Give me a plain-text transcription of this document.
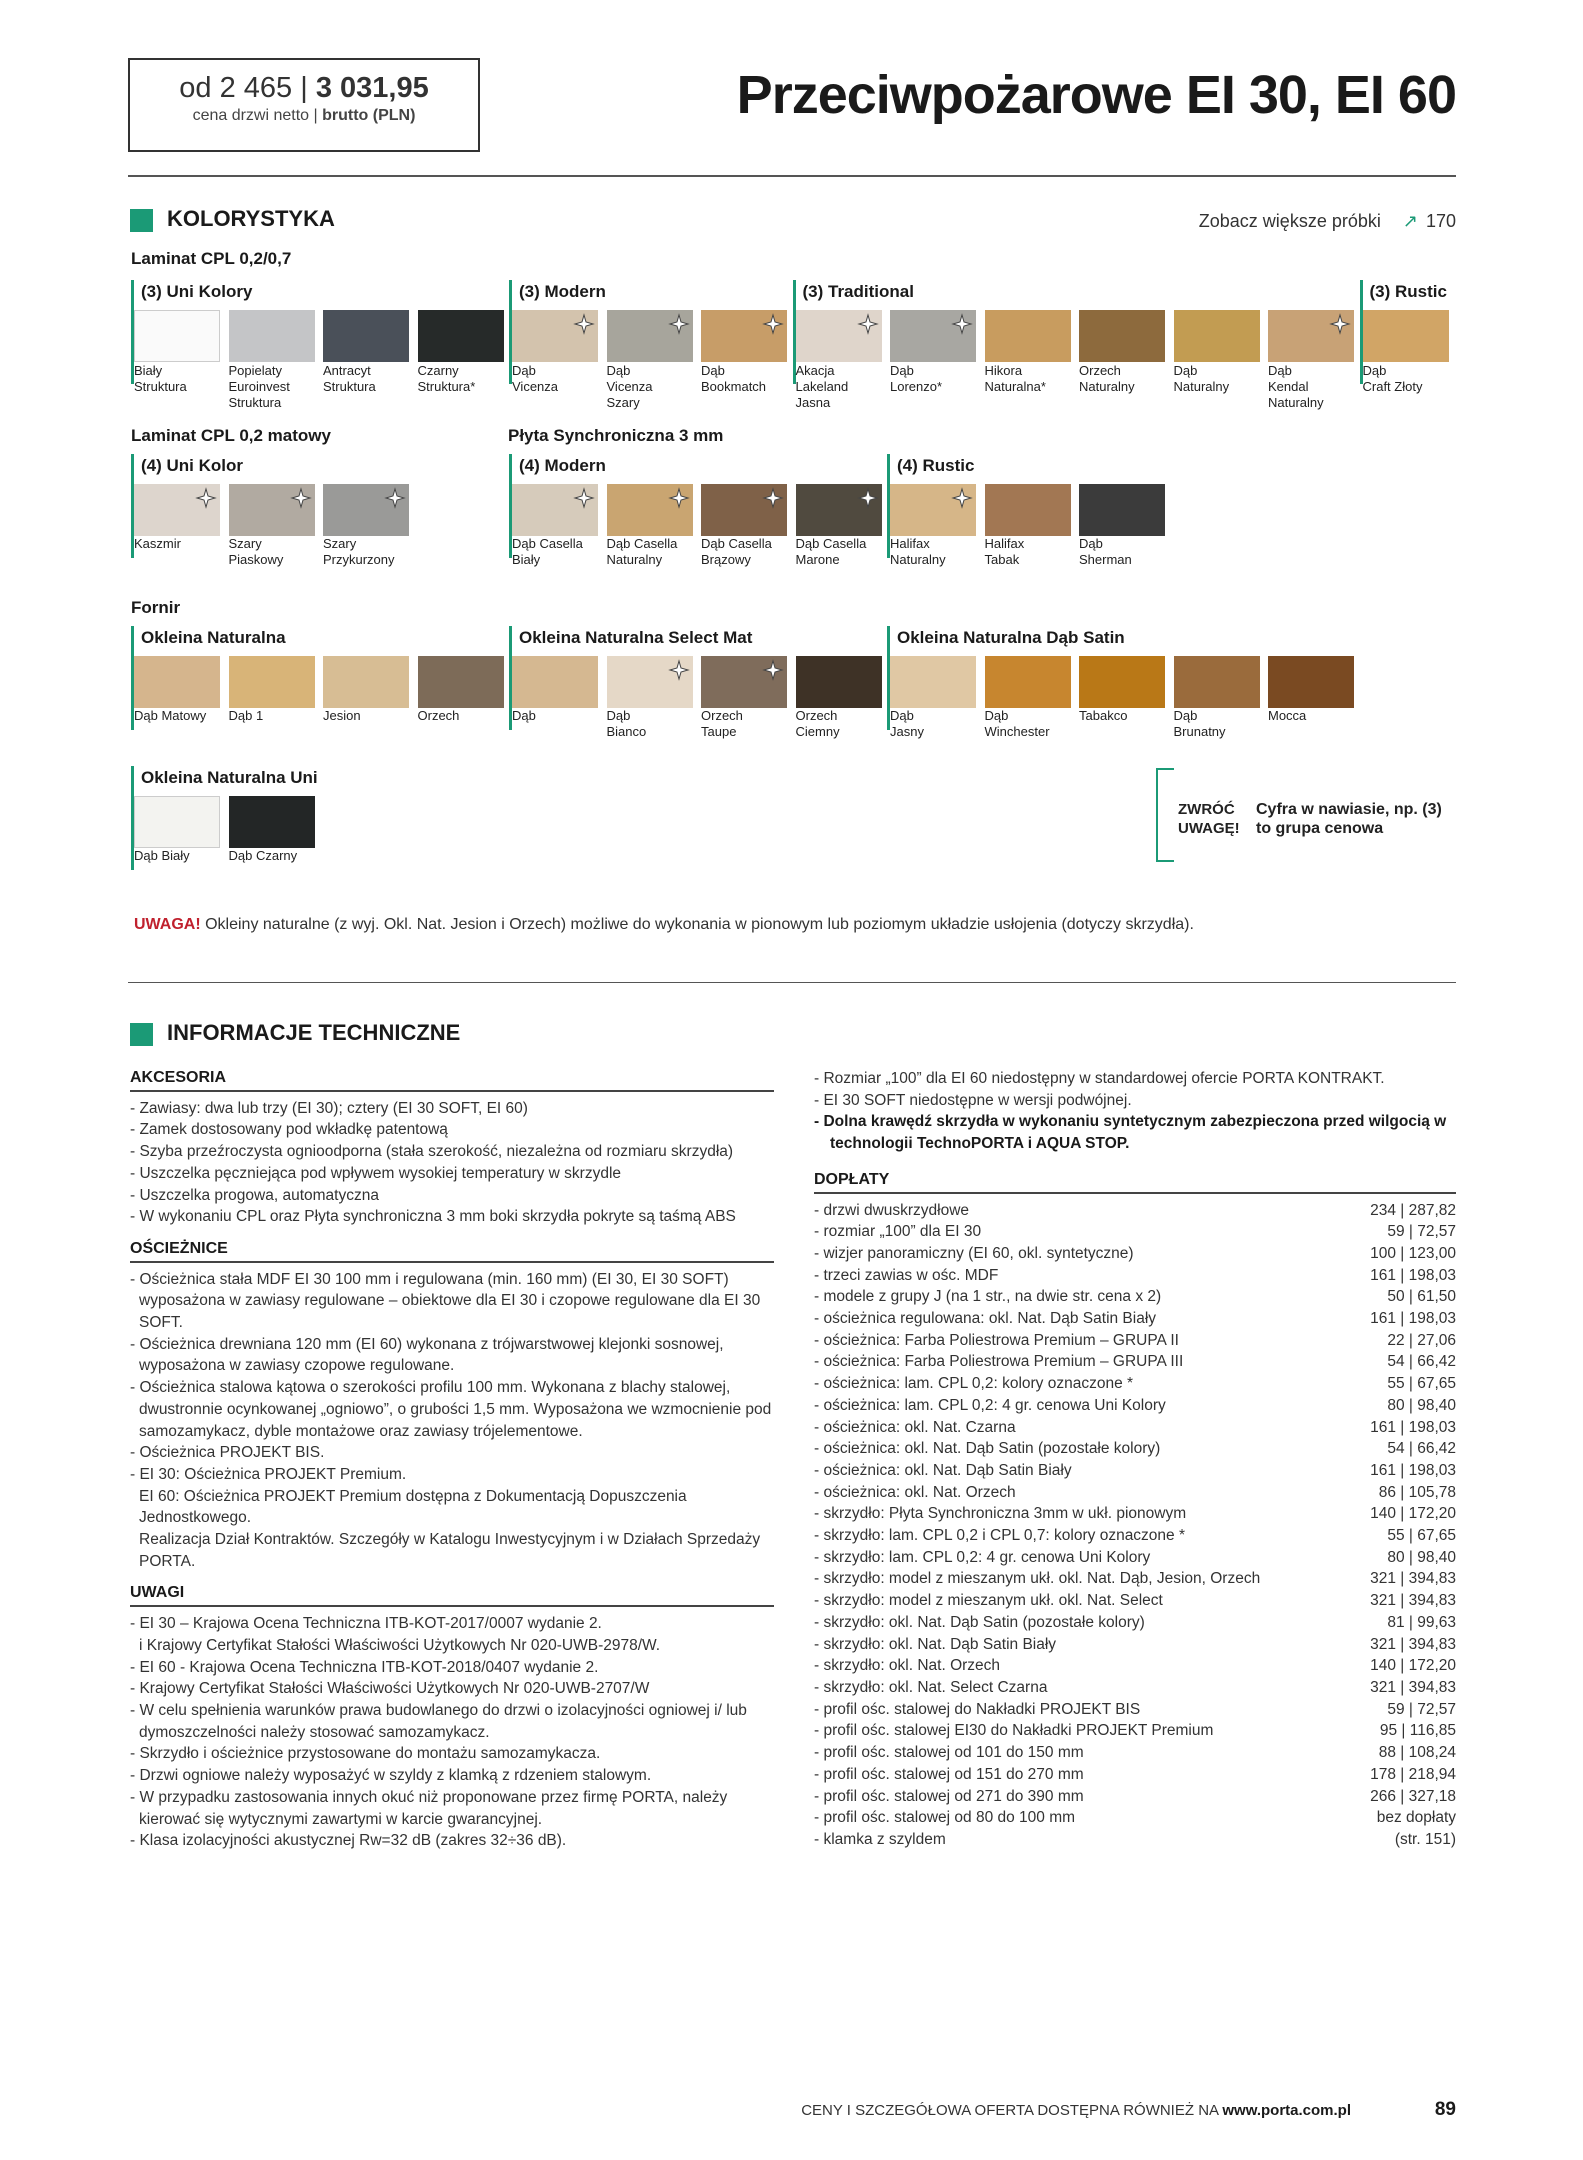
od 2 465 | 3 031,95
cena drzwi netto | brutto (PLN)	Przeciwpożarowe EI 30, EI 60
KOLORYSTYKA	Zobacz większe próbki ↗ 170
Laminat CPL 0,2/0,7
(3) Uni Kolory
Biały
Struktura
Popielaty
Euroinvest
Struktura
Antracyt
Struktura
Czarny
Struktura*
(3) Modern
Dąb
Vicenza
Dąb
Vicenza
Szary
Dąb
Bookmatch
(3) Traditional
Akacja
Lakeland
Jasna
Dąb
Lorenzo*
Hikora
Naturalna*
Orzech
Naturalny
Dąb
Naturalny
Dąb
Kendal
Naturalny
(3) Rustic
Dąb
Craft Złoty
Laminat CPL 0,2 matowy	Płyta Synchroniczna 3 mm
(4) Uni Kolor
Kaszmir	Szary
Piaskowy
Szary
Przykurzony
(4) Modern
Dąb Casella
Biały
Dąb Casella
Naturalny
Dąb Casella
Brązowy
Dąb Casella
Marone
(4) Rustic
Halifax
Naturalny
Halifax
Tabak
Dąb
Sherman
Fornir
Okleina Naturalna
Dąb Matowy	Dąb 1	Jesion	Orzech
Okleina Naturalna Select Mat
Dąb	Dąb
Bianco
Orzech
Taupe
Orzech
Ciemny
Okleina Naturalna Dąb Satin
Dąb
Jasny
Dąb
Winchester
Tabakco	Dąb
Brunatny
Mocca
Okleina Naturalna Uni
Dąb Biały	Dąb Czarny
ZWRÓĆ
UWAGĘ!
Cyfra w nawiasie, np. (3) to grupa cenowa
UWAGA! Okleiny naturalne (z wyj. Okl. Nat. Jesion i Orzech) możliwe do wykonania w pionowym lub poziomym układzie usłojenia (dotyczy skrzydła).
INFORMACJE TECHNICZNE
AKCESORIA
- Zawiasy: dwa lub trzy (EI 30); cztery (EI 30 SOFT, EI 60)
- Zamek dostosowany pod wkładkę patentową
- Szyba przeźroczysta ognioodporna (stała szerokość, niezależna od rozmiaru skrzydła)
- Uszczelka pęczniejąca pod wpływem wysokiej temperatury w skrzydle
- Uszczelka progowa, automatyczna
- W wykonaniu CPL oraz Płyta synchroniczna 3 mm boki skrzydła pokryte są taśmą ABS
OŚCIEŻNICE
- Ościeżnica stała MDF EI 30 100 mm i regulowana (min. 160 mm) (EI 30, EI 30 SOFT) wyposażona w zawiasy regulowane – obiektowe dla EI 30 i czopowe regulowane dla EI 30 SOFT.
- Ościeżnica drewniana 120 mm (EI 60) wykonana z trójwarstwowej klejonki sosnowej, wyposażona w zawiasy czopowe regulowane.
- Ościeżnica stalowa kątowa o szerokości profilu 100 mm. Wykonana z blachy stalowej, dwustronnie ocynkowanej „ogniowo”, o grubości 1,5 mm. Wyposażona we wzmocnienie pod samozamykacz, dyble montażowe oraz zawiasy trójelementowe.
- Ościeżnica PROJEKT BIS.
- EI 30: Ościeżnica PROJEKT Premium.
EI 60: Ościeżnica PROJEKT Premium dostępna z Dokumentacją Dopuszczenia Jednostkowego.
Realizacja Dział Kontraktów. Szczegóły w Katalogu Inwestycyjnym i w Działach Sprzedaży PORTA.
UWAGI
- EI 30 – Krajowa Ocena Techniczna ITB-KOT-2017/0007 wydanie 2.
i Krajowy Certyfikat Stałości Właściwości Użytkowych Nr 020-UWB-2978/W.
- EI 60 - Krajowa Ocena Techniczna ITB-KOT-2018/0407 wydanie 2.
- Krajowy Certyfikat Stałości Właściwości Użytkowych Nr 020-UWB-2707/W
- W celu spełnienia warunków prawa budowlanego do drzwi o izolacyjności ogniowej i/ lub dymoszczelności należy stosować samozamykacz.
- Skrzydło i ościeżnice przystosowane do montażu samozamykacza.
- Drzwi ogniowe należy wyposażyć w szyldy z klamką z rdzeniem stalowym.
- W przypadku zastosowania innych okuć niż proponowane przez firmę PORTA, należy kierować się wytycznymi zawartymi w karcie gwarancyjnej.
- Klasa izolacyjności akustycznej Rw=32 dB (zakres 32÷36 dB).
- Rozmiar „100” dla EI 60 niedostępny w standardowej ofercie PORTA KONTRAKT.
- EI 30 SOFT niedostępne w wersji podwójnej.
- Dolna krawędź skrzydła w wykonaniu syntetycznym zabezpieczona przed wilgocią w technologii TechnoPORTA i AQUA STOP.
DOPŁATY
- drzwi dwuskrzydłowe	234 | 287,82
- rozmiar „100” dla EI 30	59 | 72,57
- wizjer panoramiczny (EI 60, okl. syntetyczne)	100 | 123,00
- trzeci zawias w ośc. MDF	161 | 198,03
- modele z grupy J (na 1 str., na dwie str. cena x 2)	50 | 61,50
- ościeżnica regulowana: okl. Nat. Dąb Satin Biały	161 | 198,03
- ościeżnica: Farba Poliestrowa Premium – GRUPA II	22 | 27,06
- ościeżnica: Farba Poliestrowa Premium – GRUPA III	54 | 66,42
- ościeżnica: lam. CPL 0,2: kolory oznaczone *	55 | 67,65
- ościeżnica: lam. CPL 0,2: 4 gr. cenowa Uni Kolory	80 | 98,40
- ościeżnica: okl. Nat. Czarna	161 | 198,03
- ościeżnica: okl. Nat. Dąb Satin (pozostałe kolory)	54 | 66,42
- ościeżnica: okl. Nat. Dąb Satin Biały	161 | 198,03
- ościeżnica: okl. Nat. Orzech	86 | 105,78
- skrzydło: Płyta Synchroniczna 3mm w ukł. pionowym	140 | 172,20
- skrzydło: lam. CPL 0,2 i CPL 0,7: kolory oznaczone *	55 | 67,65
- skrzydło: lam. CPL 0,2: 4 gr. cenowa Uni Kolory	80 | 98,40
- skrzydło: model z mieszanym ukł. okl. Nat. Dąb, Jesion, Orzech	321 | 394,83
- skrzydło: model z mieszanym ukł. okl. Nat. Select	321 | 394,83
- skrzydło: okl. Nat. Dąb Satin (pozostałe kolory)	81 | 99,63
- skrzydło: okl. Nat. Dąb Satin Biały	321 | 394,83
- skrzydło: okl. Nat. Orzech	140 | 172,20
- skrzydło: okl. Nat. Select Czarna	321 | 394,83
- profil ośc. stalowej do Nakładki PROJEKT BIS	59 | 72,57
- profil ośc. stalowej EI30 do Nakładki PROJEKT Premium	95 | 116,85
- profil ośc. stalowej od 101 do 150 mm	88 | 108,24
- profil ośc. stalowej od 151 do 270 mm	178 | 218,94
- profil ośc. stalowej od 271 do 390 mm	266 | 327,18
- profil ośc. stalowej od 80 do 100 mm	bez dopłaty
- klamka z szyldem	(str. 151)
CENY I SZCZEGÓŁOWA OFERTA DOSTĘPNA RÓWNIEŻ NA www.porta.com.pl	89
